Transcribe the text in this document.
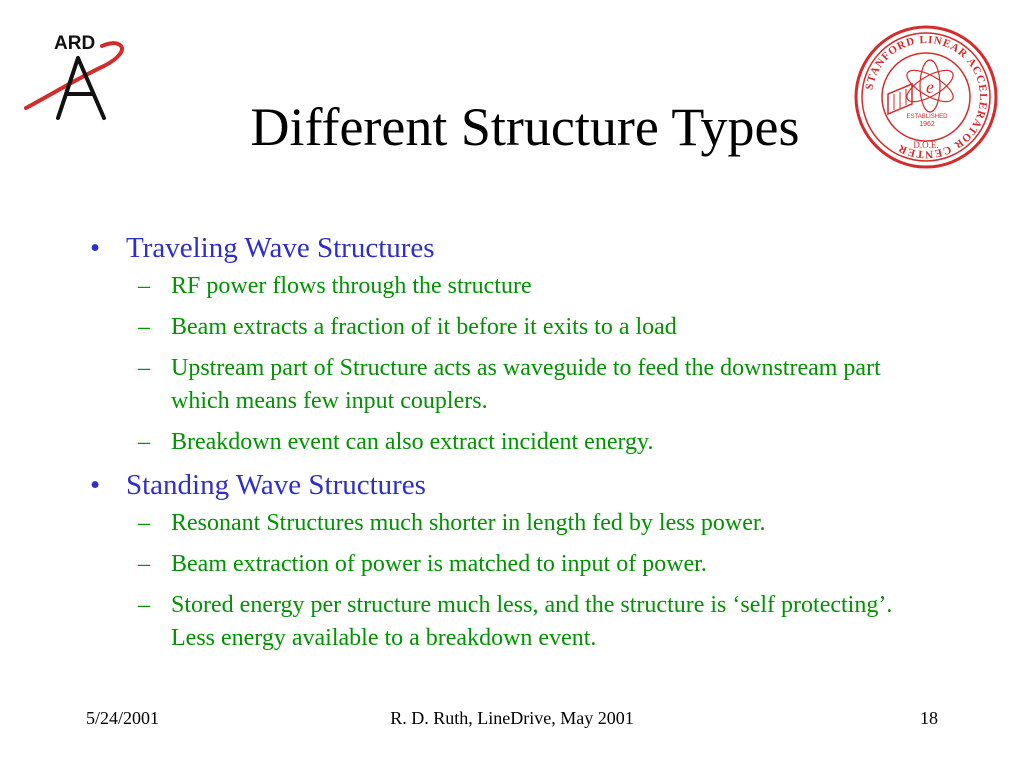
ARD
STANFORD LINEAR ACCELERATOR CENTER
e
ESTABLISHED
1962
D.O.E.
Different Structure Types
• Traveling Wave Structures
– RF power flows through the structure
– Beam extracts a fraction of it before it exits to a load
– Upstream part of Structure acts as waveguide to feed the downstream part which means few input couplers.
– Breakdown event can also extract incident energy.
• Standing Wave Structures
– Resonant Structures much shorter in length fed by less power.
– Beam extraction of power is matched to input of power.
– Stored energy per structure much less, and the structure is ‘self protecting’. Less energy available to a breakdown event.
5/24/2001	R. D. Ruth, LineDrive, May 2001	18
